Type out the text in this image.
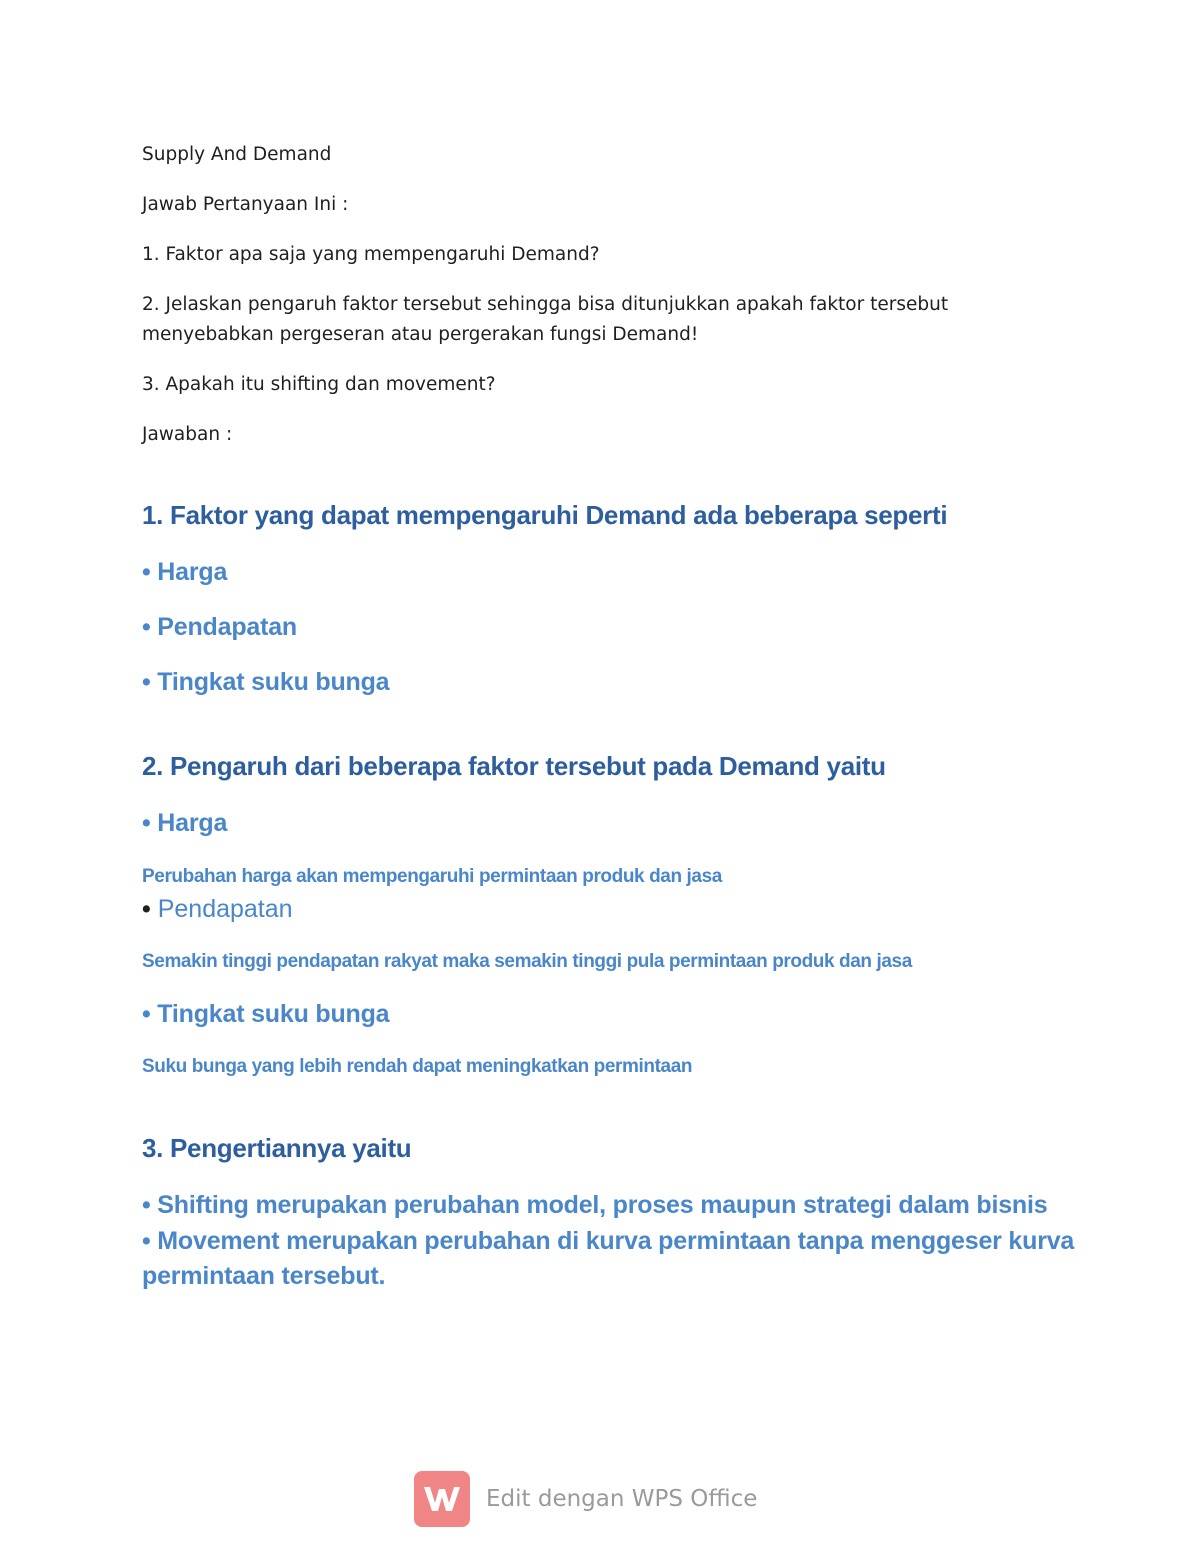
Supply And Demand
Jawab Pertanyaan Ini :
1. Faktor apa saja yang mempengaruhi Demand?
2. Jelaskan pengaruh faktor tersebut sehingga bisa ditunjukkan apakah faktor tersebut
menyebabkan pergeseran atau pergerakan fungsi Demand!
3. Apakah itu shifting dan movement?
Jawaban :
1. Faktor yang dapat mempengaruhi Demand ada beberapa seperti
• Harga
• Pendapatan
• Tingkat suku bunga
2. Pengaruh dari beberapa faktor tersebut pada Demand yaitu
• Harga
Perubahan harga akan mempengaruhi permintaan produk dan jasa
• Pendapatan
Semakin tinggi pendapatan rakyat maka semakin tinggi pula permintaan produk dan jasa
• Tingkat suku bunga
Suku bunga yang lebih rendah dapat meningkatkan permintaan
3. Pengertiannya yaitu
• Shifting merupakan perubahan model, proses maupun strategi dalam bisnis
• Movement merupakan perubahan di kurva permintaan tanpa menggeser kurva
permintaan tersebut.
Edit dengan WPS Office
